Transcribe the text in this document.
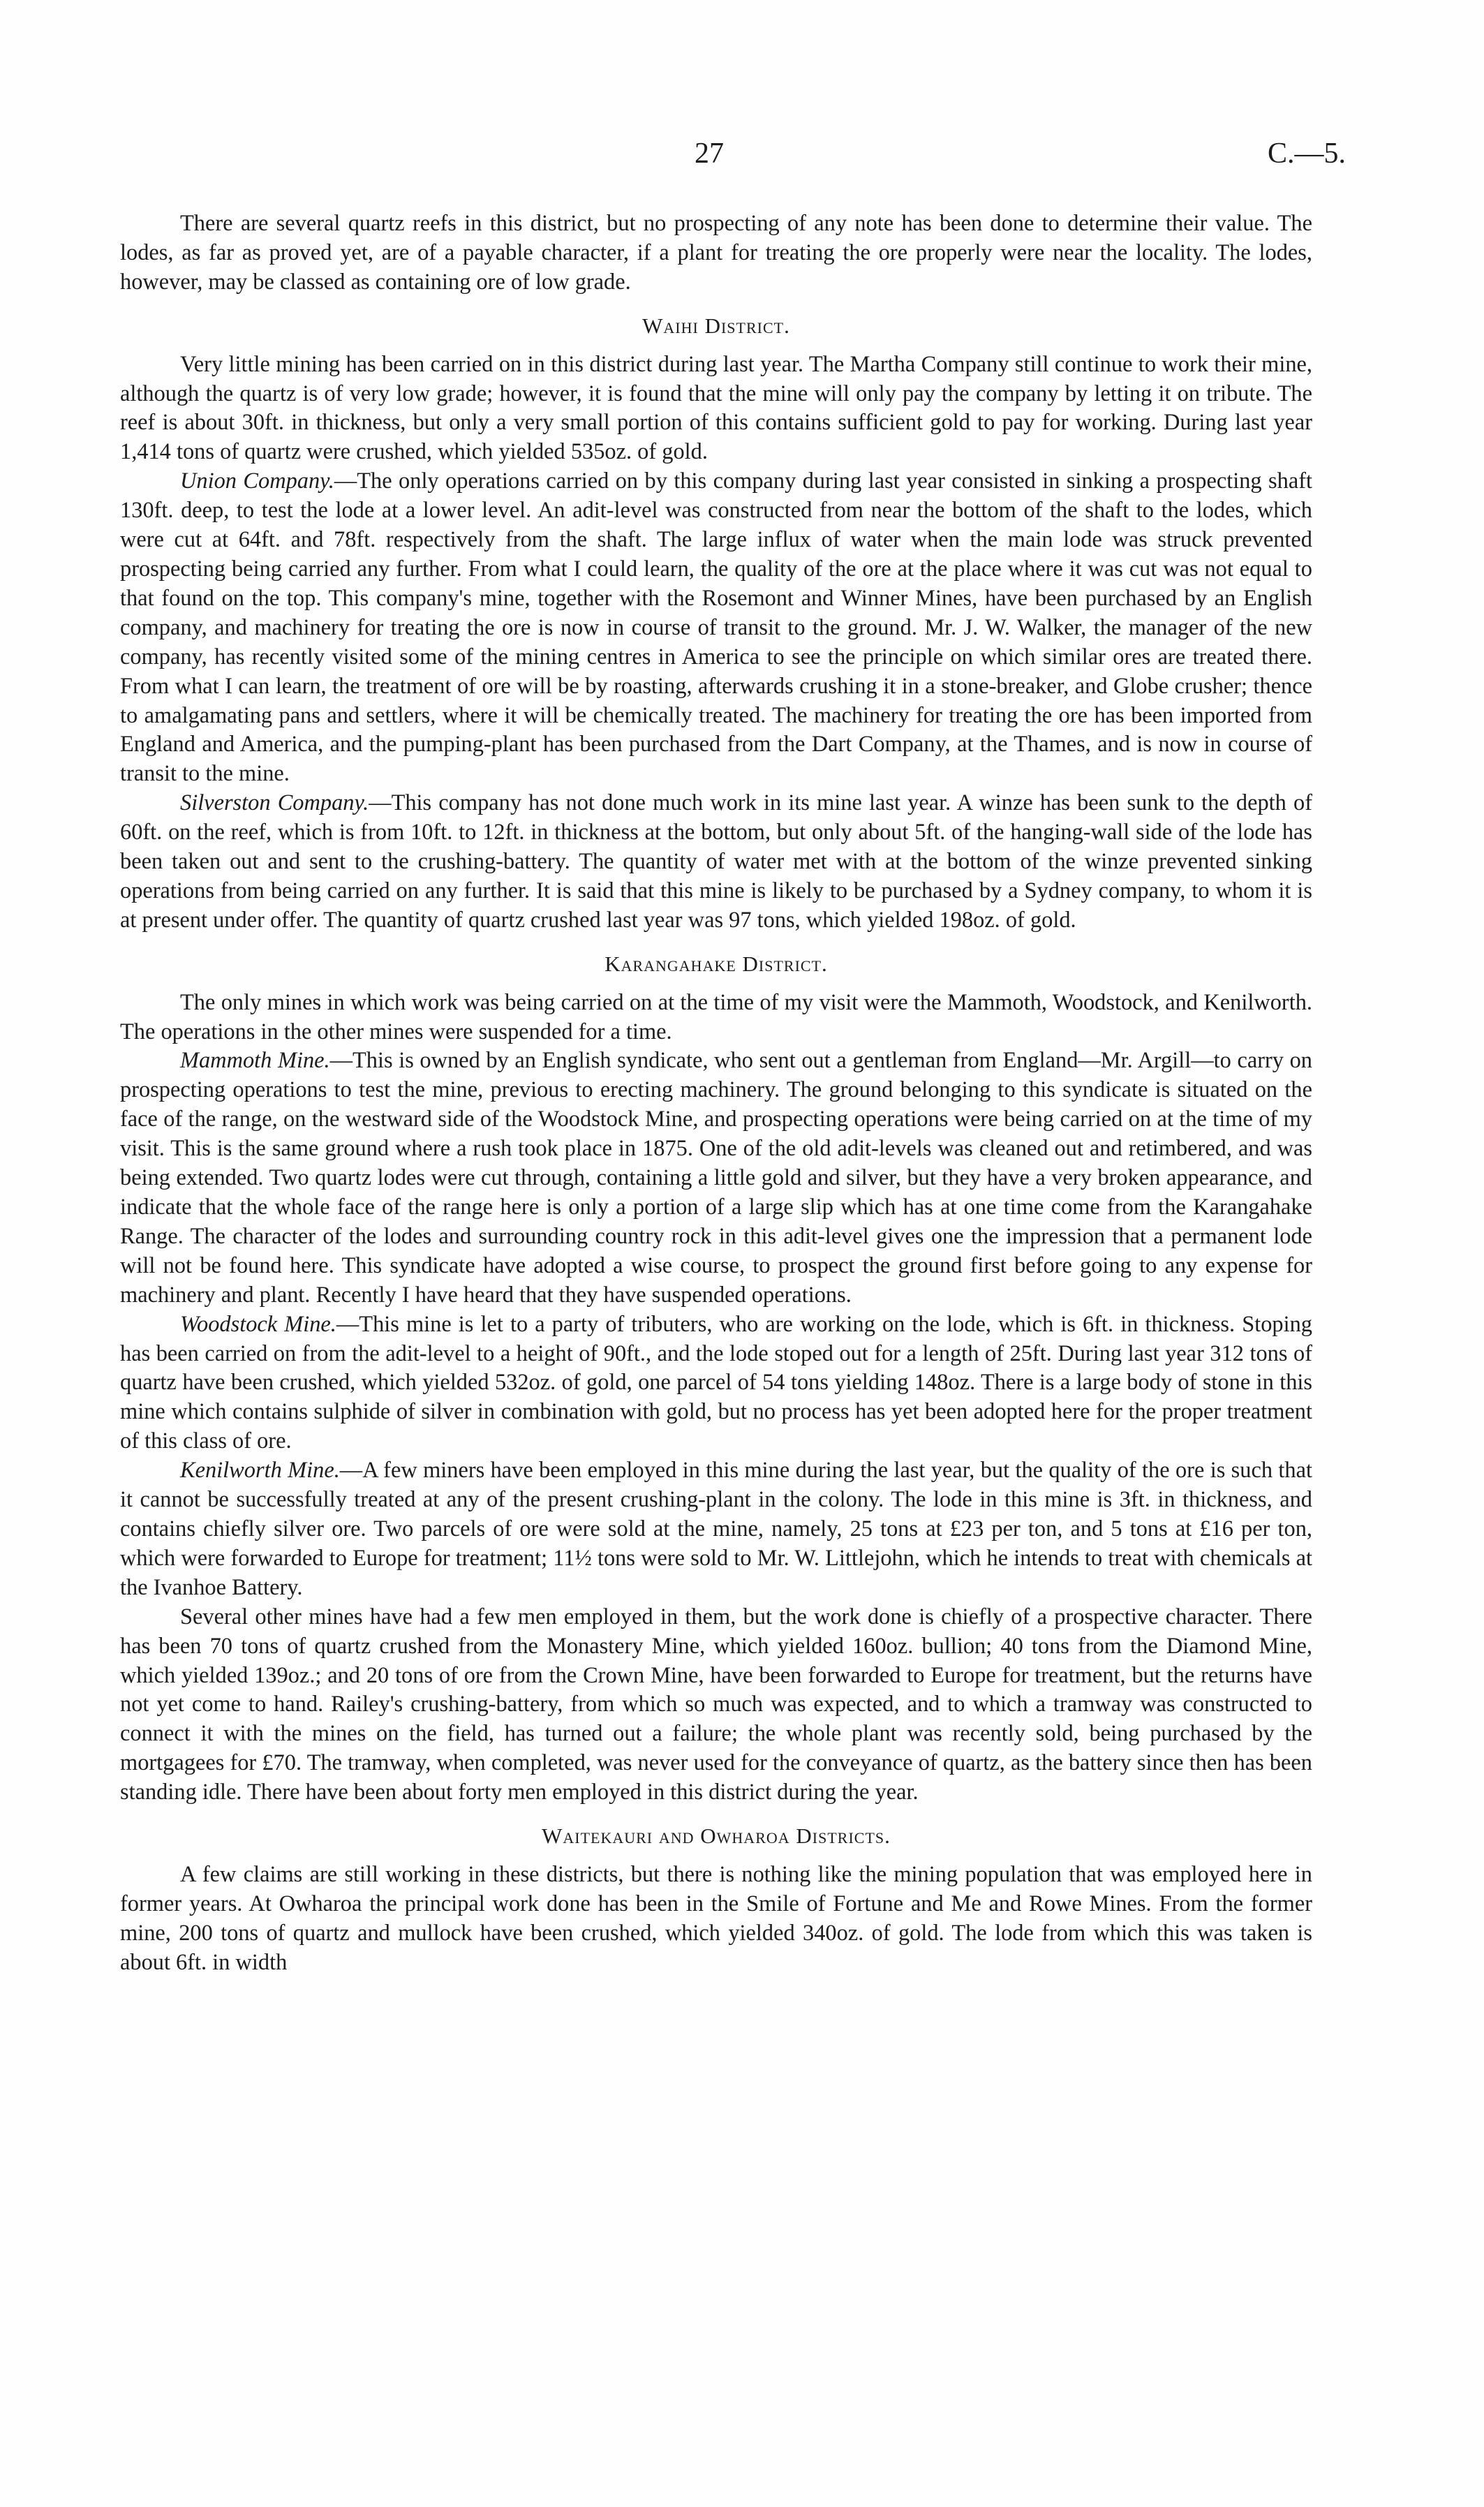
27	C.—5.

There are several quartz reefs in this district, but no prospecting of any note has been done to determine their value. The lodes, as far as proved yet, are of a payable character, if a plant for treating the ore properly were near the locality. The lodes, however, may be classed as containing ore of low grade.

Waihi District.

Very little mining has been carried on in this district during last year. The Martha Company still continue to work their mine, although the quartz is of very low grade; however, it is found that the mine will only pay the company by letting it on tribute. The reef is about 30ft. in thickness, but only a very small portion of this contains sufficient gold to pay for working. During last year 1,414 tons of quartz were crushed, which yielded 535oz. of gold.

Union Company.—The only operations carried on by this company during last year consisted in sinking a prospecting shaft 130ft. deep, to test the lode at a lower level. An adit-level was constructed from near the bottom of the shaft to the lodes, which were cut at 64ft. and 78ft. respectively from the shaft. The large influx of water when the main lode was struck prevented prospecting being carried any further. From what I could learn, the quality of the ore at the place where it was cut was not equal to that found on the top. This company's mine, together with the Rosemont and Winner Mines, have been purchased by an English company, and machinery for treating the ore is now in course of transit to the ground. Mr. J. W. Walker, the manager of the new company, has recently visited some of the mining centres in America to see the principle on which similar ores are treated there. From what I can learn, the treatment of ore will be by roasting, afterwards crushing it in a stone-breaker, and Globe crusher; thence to amalgamating pans and settlers, where it will be chemically treated. The machinery for treating the ore has been imported from England and America, and the pumping-plant has been purchased from the Dart Company, at the Thames, and is now in course of transit to the mine.

Silverston Company.—This company has not done much work in its mine last year. A winze has been sunk to the depth of 60ft. on the reef, which is from 10ft. to 12ft. in thickness at the bottom, but only about 5ft. of the hanging-wall side of the lode has been taken out and sent to the crushing-battery. The quantity of water met with at the bottom of the winze prevented sinking operations from being carried on any further. It is said that this mine is likely to be purchased by a Sydney company, to whom it is at present under offer. The quantity of quartz crushed last year was 97 tons, which yielded 198oz. of gold.

Karangahake District.

The only mines in which work was being carried on at the time of my visit were the Mammoth, Woodstock, and Kenilworth. The operations in the other mines were suspended for a time.

Mammoth Mine.—This is owned by an English syndicate, who sent out a gentleman from England—Mr. Argill—to carry on prospecting operations to test the mine, previous to erecting machinery. The ground belonging to this syndicate is situated on the face of the range, on the westward side of the Woodstock Mine, and prospecting operations were being carried on at the time of my visit. This is the same ground where a rush took place in 1875. One of the old adit-levels was cleaned out and retimbered, and was being extended. Two quartz lodes were cut through, containing a little gold and silver, but they have a very broken appearance, and indicate that the whole face of the range here is only a portion of a large slip which has at one time come from the Karangahake Range. The character of the lodes and surrounding country rock in this adit-level gives one the impression that a permanent lode will not be found here. This syndicate have adopted a wise course, to prospect the ground first before going to any expense for machinery and plant. Recently I have heard that they have suspended operations.

Woodstock Mine.—This mine is let to a party of tributers, who are working on the lode, which is 6ft. in thickness. Stoping has been carried on from the adit-level to a height of 90ft., and the lode stoped out for a length of 25ft. During last year 312 tons of quartz have been crushed, which yielded 532oz. of gold, one parcel of 54 tons yielding 148oz. There is a large body of stone in this mine which contains sulphide of silver in combination with gold, but no process has yet been adopted here for the proper treatment of this class of ore.

Kenilworth Mine.—A few miners have been employed in this mine during the last year, but the quality of the ore is such that it cannot be successfully treated at any of the present crushing-plant in the colony. The lode in this mine is 3ft. in thickness, and contains chiefly silver ore. Two parcels of ore were sold at the mine, namely, 25 tons at £23 per ton, and 5 tons at £16 per ton, which were forwarded to Europe for treatment; 11½ tons were sold to Mr. W. Littlejohn, which he intends to treat with chemicals at the Ivanhoe Battery.

Several other mines have had a few men employed in them, but the work done is chiefly of a prospective character. There has been 70 tons of quartz crushed from the Monastery Mine, which yielded 160oz. bullion; 40 tons from the Diamond Mine, which yielded 139oz.; and 20 tons of ore from the Crown Mine, have been forwarded to Europe for treatment, but the returns have not yet come to hand. Railey's crushing-battery, from which so much was expected, and to which a tramway was constructed to connect it with the mines on the field, has turned out a failure; the whole plant was recently sold, being purchased by the mortgagees for £70. The tramway, when completed, was never used for the conveyance of quartz, as the battery since then has been standing idle. There have been about forty men employed in this district during the year.

Waitekauri and Owharoa Districts.

A few claims are still working in these districts, but there is nothing like the mining population that was employed here in former years. At Owharoa the principal work done has been in the Smile of Fortune and Me and Rowe Mines. From the former mine, 200 tons of quartz and mullock have been crushed, which yielded 340oz. of gold. The lode from which this was taken is about 6ft. in width
